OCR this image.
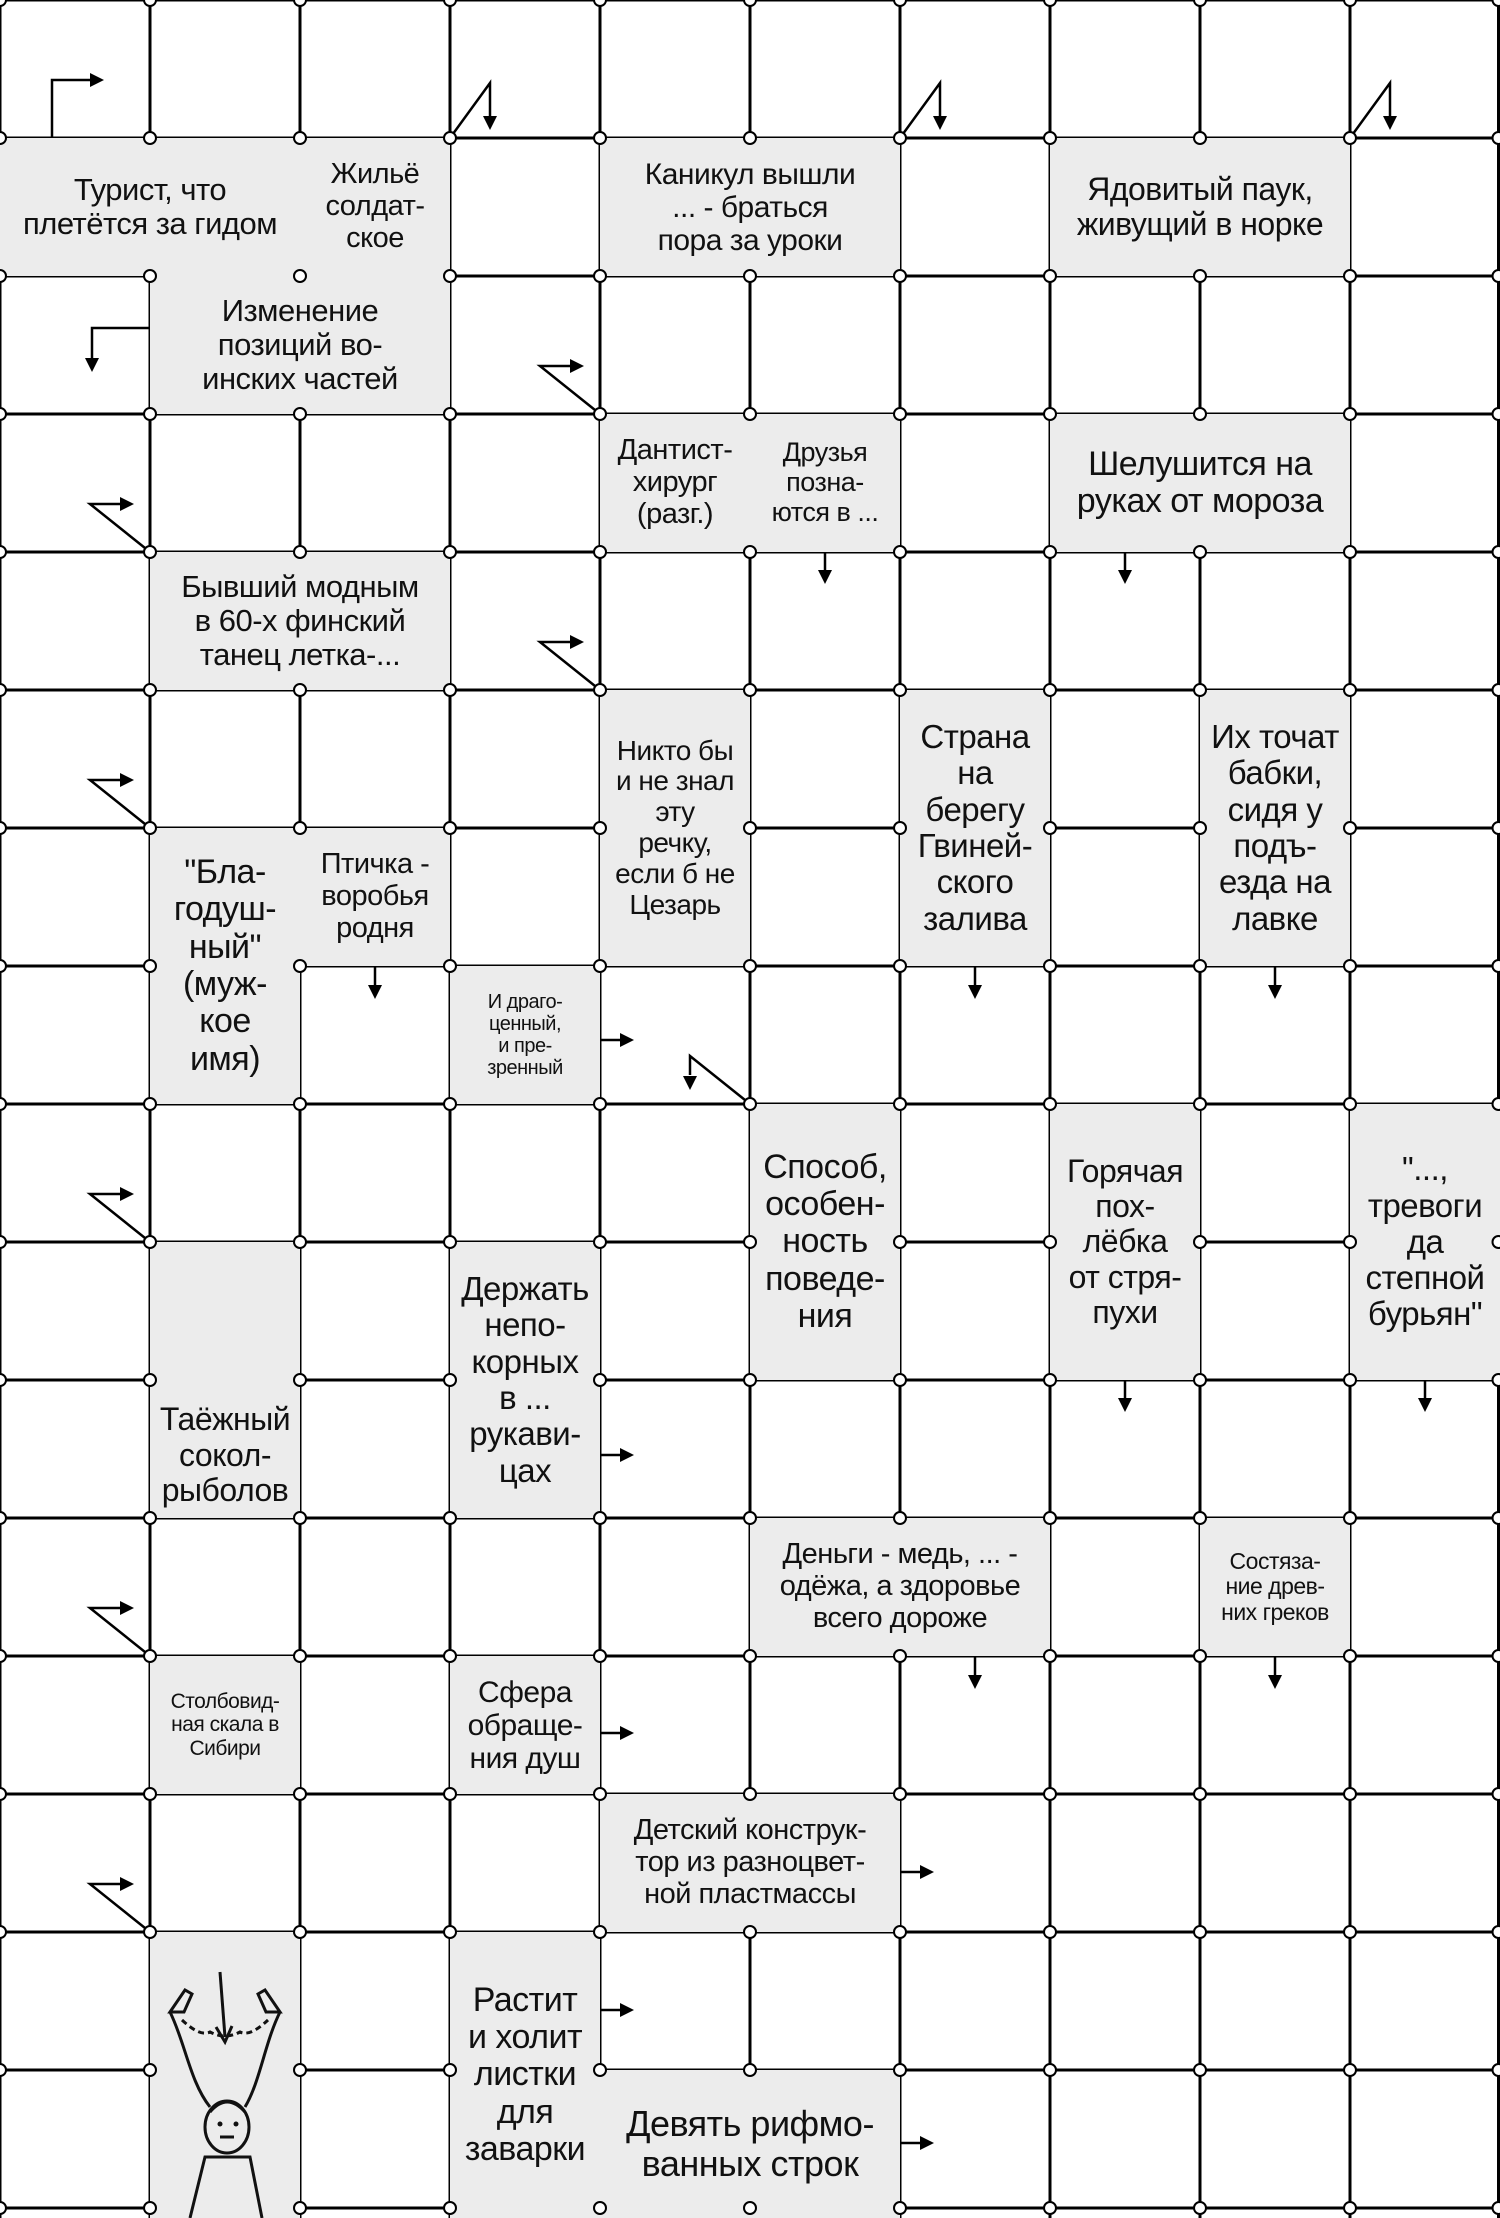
Турист, что
плетётся за гидом
Жильё
солдат-
ское
Каникул вышли
... - браться
пора за уроки
Ядовитый паук,
живущий в норке
Изменение
позиций во-
инских частей
Дантист-
хирург
(разг.)
Друзья
позна-
ются в ...
Шелушится на
руках от мороза
Бывший модным
в 60-х финский
танец летка-...
Никто бы
и не знал
эту
речку,
если б не
Цезарь
Страна
на
берегу
Гвиней-
ского
залива
Их точат
бабки,
сидя у
подъ-
езда на
лавке
"Бла-
годуш-
ный"
(муж-
кое
имя)
Птичка -
воробья
родня
И драго-
ценный,
и пре-
зренный
Способ,
особен-
ность
поведе-
ния
Горячая
пох-
лёбка
от стря-
пухи
"...,
тревоги
да
степной
бурьян"
Держать
непо-
корных
в ...
рукави-
цах
Таёжный
сокол-
рыболов
Деньги - медь, ... -
одёжа, а здоровье
всего дороже
Состяза-
ние древ-
них греков
Столбовид-
ная скала в
Сибири
Сфера
обраще-
ния душ
Детский конструк-
тор из разноцвет-
ной пластмассы
Растит
и холит
листки
для
заварки
Девять рифмо-
ванных строк
